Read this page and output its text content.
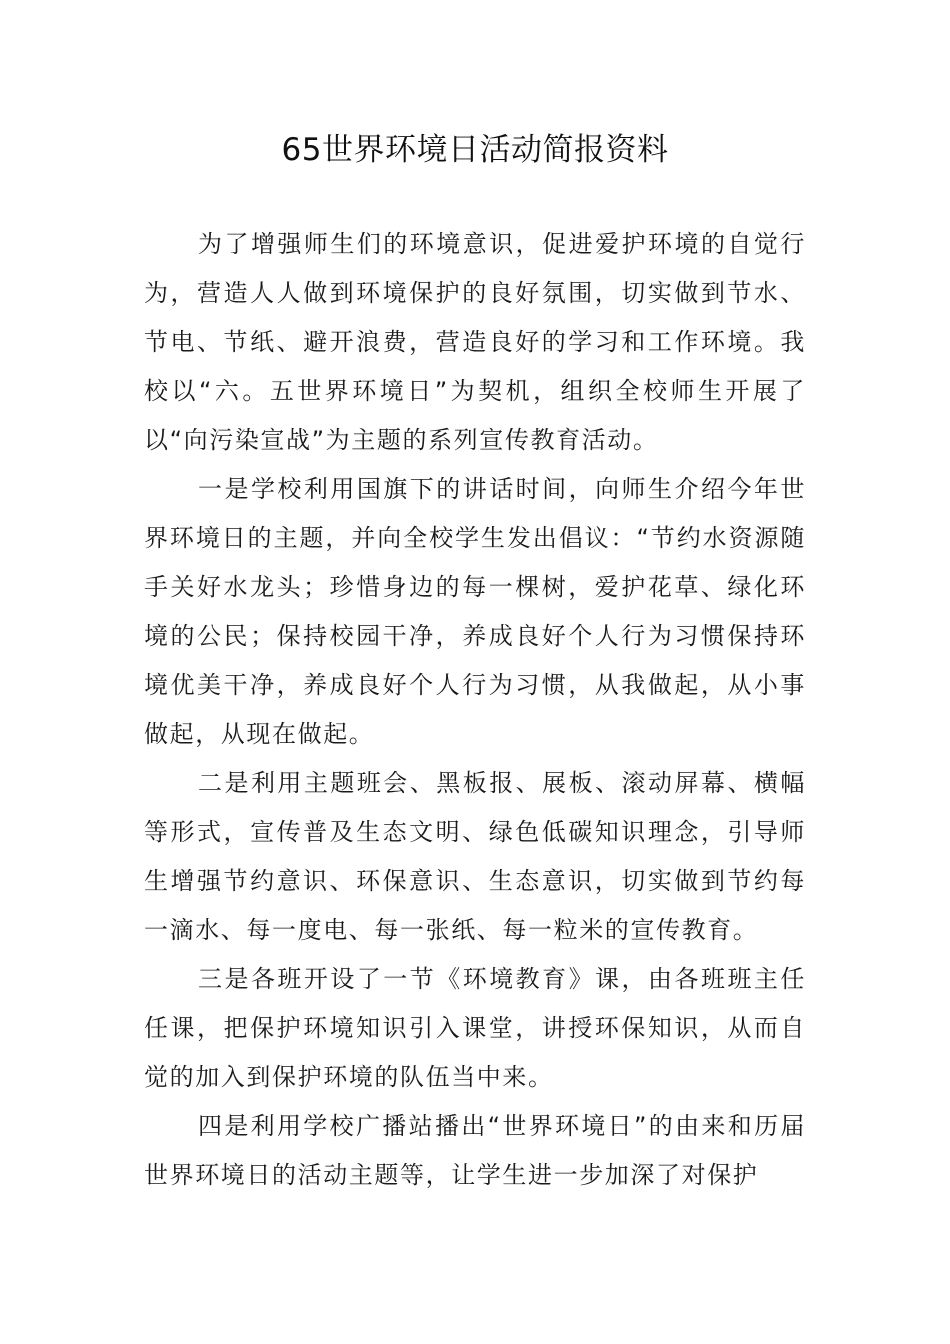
65世界环境日活动简报资料

为了增强师生们的环境意识，促进爱护环境的自觉行为，营造人人做到环境保护的良好氛围，切实做到节水、节电、节纸、避开浪费，营造良好的学习和工作环境。我校以“六。五世界环境日”为契机，组织全校师生开展了以“向污染宣战”为主题的系列宣传教育活动。

一是学校利用国旗下的讲话时间，向师生介绍今年世界环境日的主题，并向全校学生发出倡议：“节约水资源随手关好水龙头；珍惜身边的每一棵树，爱护花草、绿化环境的公民；保持校园干净，养成良好个人行为习惯保持环境优美干净，养成良好个人行为习惯，从我做起，从小事做起，从现在做起。

二是利用主题班会、黑板报、展板、滚动屏幕、横幅等形式，宣传普及生态文明、绿色低碳知识理念，引导师生增强节约意识、环保意识、生态意识，切实做到节约每一滴水、每一度电、每一张纸、每一粒米的宣传教育。

三是各班开设了一节《环境教育》课，由各班班主任任课，把保护环境知识引入课堂，讲授环保知识，从而自觉的加入到保护环境的队伍当中来。

四是利用学校广播站播出“世界环境日”的由来和历届世界环境日的活动主题等，让学生进一步加深了对保护
